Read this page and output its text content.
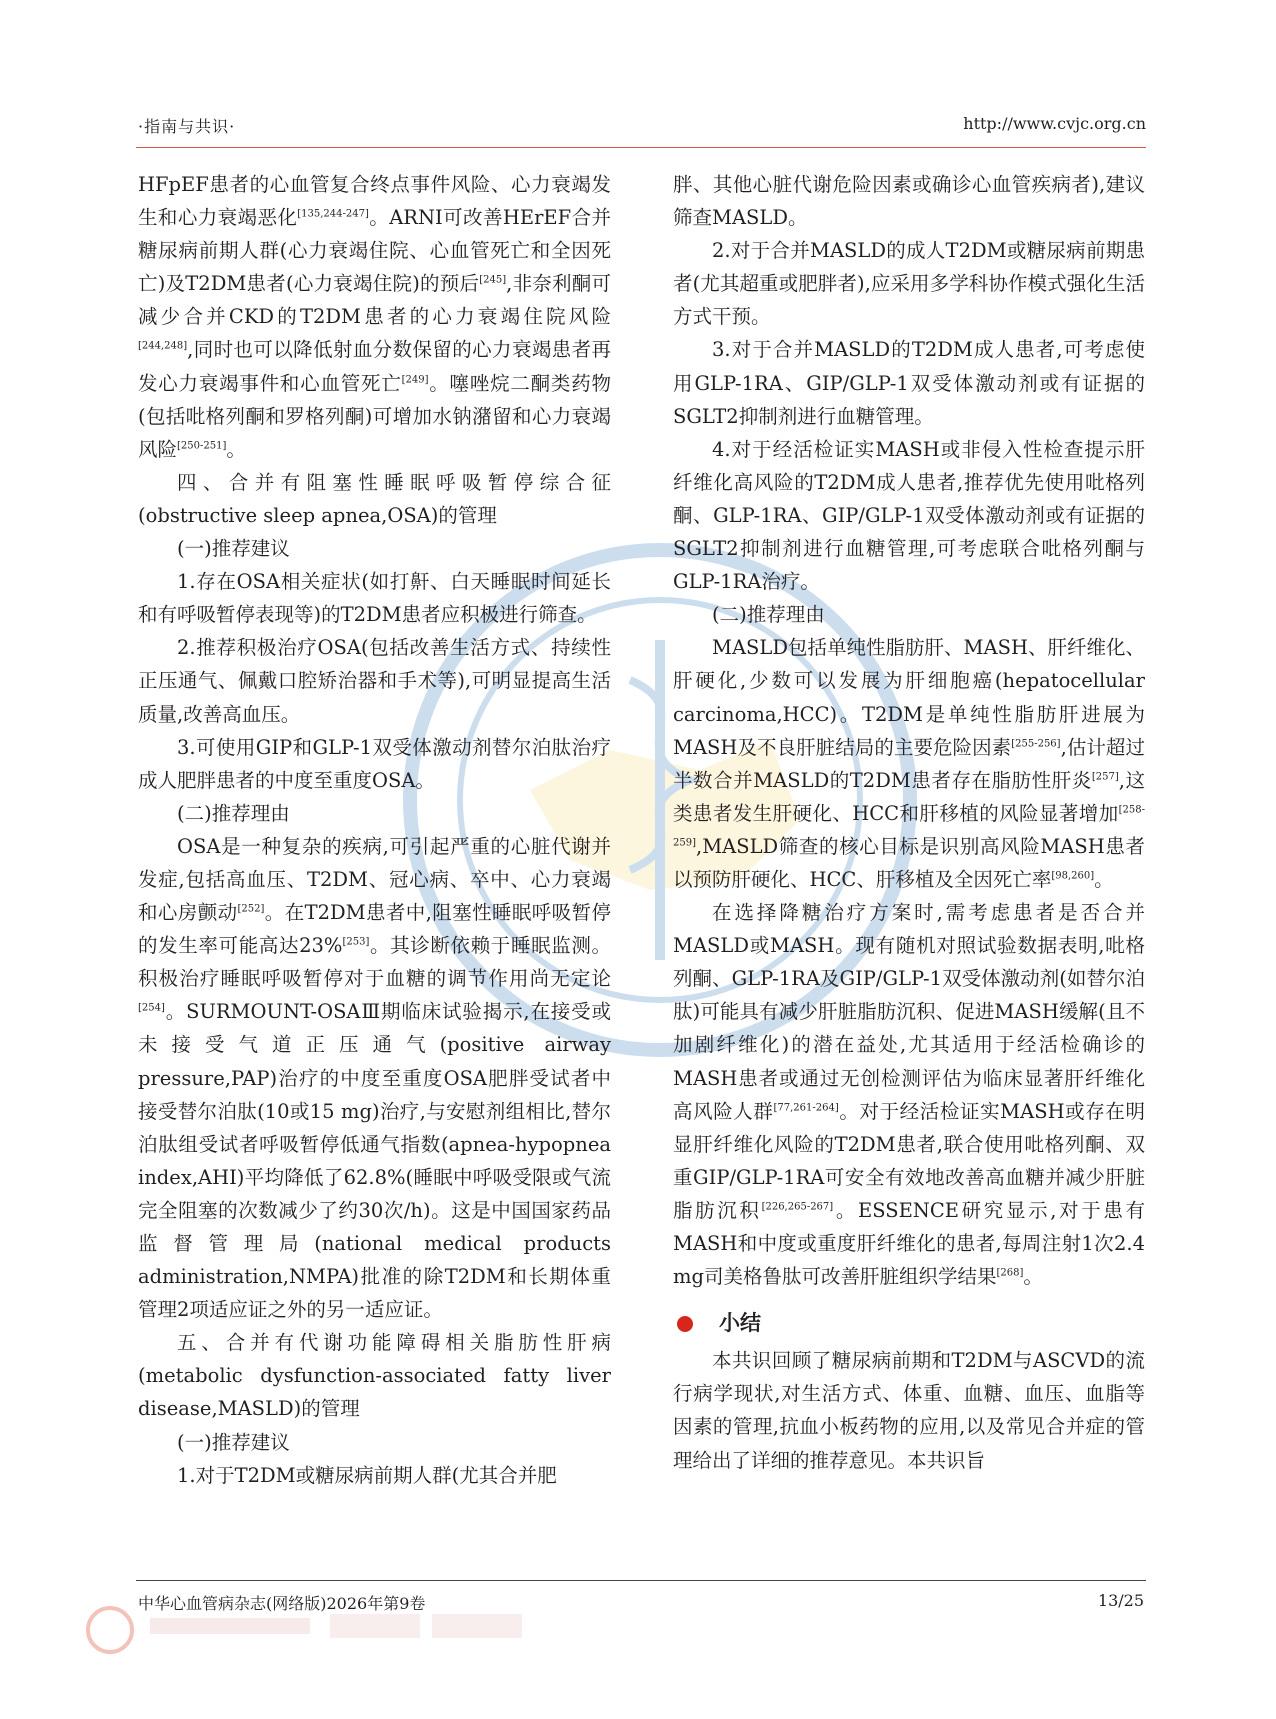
·指南与共识·	http://www.cvjc.org.cn

HFpEF患者的心血管复合终点事件风险、心力衰竭发生和心力衰竭恶化[135,244-247]。ARNI可改善HErEF合并糖尿病前期人群(心力衰竭住院、心血管死亡和全因死亡)及T2DM患者(心力衰竭住院)的预后[245],非奈利酮可减少合并CKD的T2DM患者的心力衰竭住院风险[244,248],同时也可以降低射血分数保留的心力衰竭患者再发心力衰竭事件和心血管死亡[249]。噻唑烷二酮类药物(包括吡格列酮和罗格列酮)可增加水钠潴留和心力衰竭风险[250-251]。

四、合并有阻塞性睡眠呼吸暂停综合征(obstructive sleep apnea,OSA)的管理

(一)推荐建议

1.存在OSA相关症状(如打鼾、白天睡眠时间延长和有呼吸暂停表现等)的T2DM患者应积极进行筛查。

2.推荐积极治疗OSA(包括改善生活方式、持续性正压通气、佩戴口腔矫治器和手术等),可明显提高生活质量,改善高血压。

3.可使用GIP和GLP-1双受体激动剂替尔泊肽治疗成人肥胖患者的中度至重度OSA。

(二)推荐理由

OSA是一种复杂的疾病,可引起严重的心脏代谢并发症,包括高血压、T2DM、冠心病、卒中、心力衰竭和心房颤动[252]。在T2DM患者中,阻塞性睡眠呼吸暂停的发生率可能高达23%[253]。其诊断依赖于睡眠监测。积极治疗睡眠呼吸暂停对于血糖的调节作用尚无定论[254]。SURMOUNT-OSAⅢ期临床试验揭示,在接受或未接受气道正压通气(positive airway pressure,PAP)治疗的中度至重度OSA肥胖受试者中接受替尔泊肽(10或15 mg)治疗,与安慰剂组相比,替尔泊肽组受试者呼吸暂停低通气指数(apnea-hypopnea index,AHI)平均降低了62.8%(睡眠中呼吸受限或气流完全阻塞的次数减少了约30次/h)。这是中国国家药品监督管理局(national medical products administration,NMPA)批准的除T2DM和长期体重管理2项适应证之外的另一适应证。

五、合并有代谢功能障碍相关脂肪性肝病(metabolic dysfunction-associated fatty liver disease,MASLD)的管理

(一)推荐建议

1.对于T2DM或糖尿病前期人群(尤其合并肥

胖、其他心脏代谢危险因素或确诊心血管疾病者),建议筛查MASLD。

2.对于合并MASLD的成人T2DM或糖尿病前期患者(尤其超重或肥胖者),应采用多学科协作模式强化生活方式干预。

3.对于合并MASLD的T2DM成人患者,可考虑使用GLP-1RA、GIP/GLP-1双受体激动剂或有证据的SGLT2抑制剂进行血糖管理。

4.对于经活检证实MASH或非侵入性检查提示肝纤维化高风险的T2DM成人患者,推荐优先使用吡格列酮、GLP-1RA、GIP/GLP-1双受体激动剂或有证据的SGLT2抑制剂进行血糖管理,可考虑联合吡格列酮与GLP-1RA治疗。

(二)推荐理由

MASLD包括单纯性脂肪肝、MASH、肝纤维化、肝硬化,少数可以发展为肝细胞癌(hepatocellular carcinoma,HCC)。T2DM是单纯性脂肪肝进展为MASH及不良肝脏结局的主要危险因素[255-256],估计超过半数合并MASLD的T2DM患者存在脂肪性肝炎[257],这类患者发生肝硬化、HCC和肝移植的风险显著增加[258-259],MASLD筛查的核心目标是识别高风险MASH患者以预防肝硬化、HCC、肝移植及全因死亡率[98,260]。

在选择降糖治疗方案时,需考虑患者是否合并MASLD或MASH。现有随机对照试验数据表明,吡格列酮、GLP-1RA及GIP/GLP-1双受体激动剂(如替尔泊肽)可能具有减少肝脏脂肪沉积、促进MASH缓解(且不加剧纤维化)的潜在益处,尤其适用于经活检确诊的MASH患者或通过无创检测评估为临床显著肝纤维化高风险人群[77,261-264]。对于经活检证实MASH或存在明显肝纤维化风险的T2DM患者,联合使用吡格列酮、双重GIP/GLP-1RA可安全有效地改善高血糖并减少肝脏脂肪沉积[226,265-267]。ESSENCE研究显示,对于患有MASH和中度或重度肝纤维化的患者,每周注射1次2.4 mg司美格鲁肽可改善肝脏组织学结果[268]。

小结

本共识回顾了糖尿病前期和T2DM与ASCVD的流行病学现状,对生活方式、体重、血糖、血压、血脂等因素的管理,抗血小板药物的应用,以及常见合并症的管理给出了详细的推荐意见。本共识旨

中华心血管病杂志(网络版)2026年第9卷	13/25
